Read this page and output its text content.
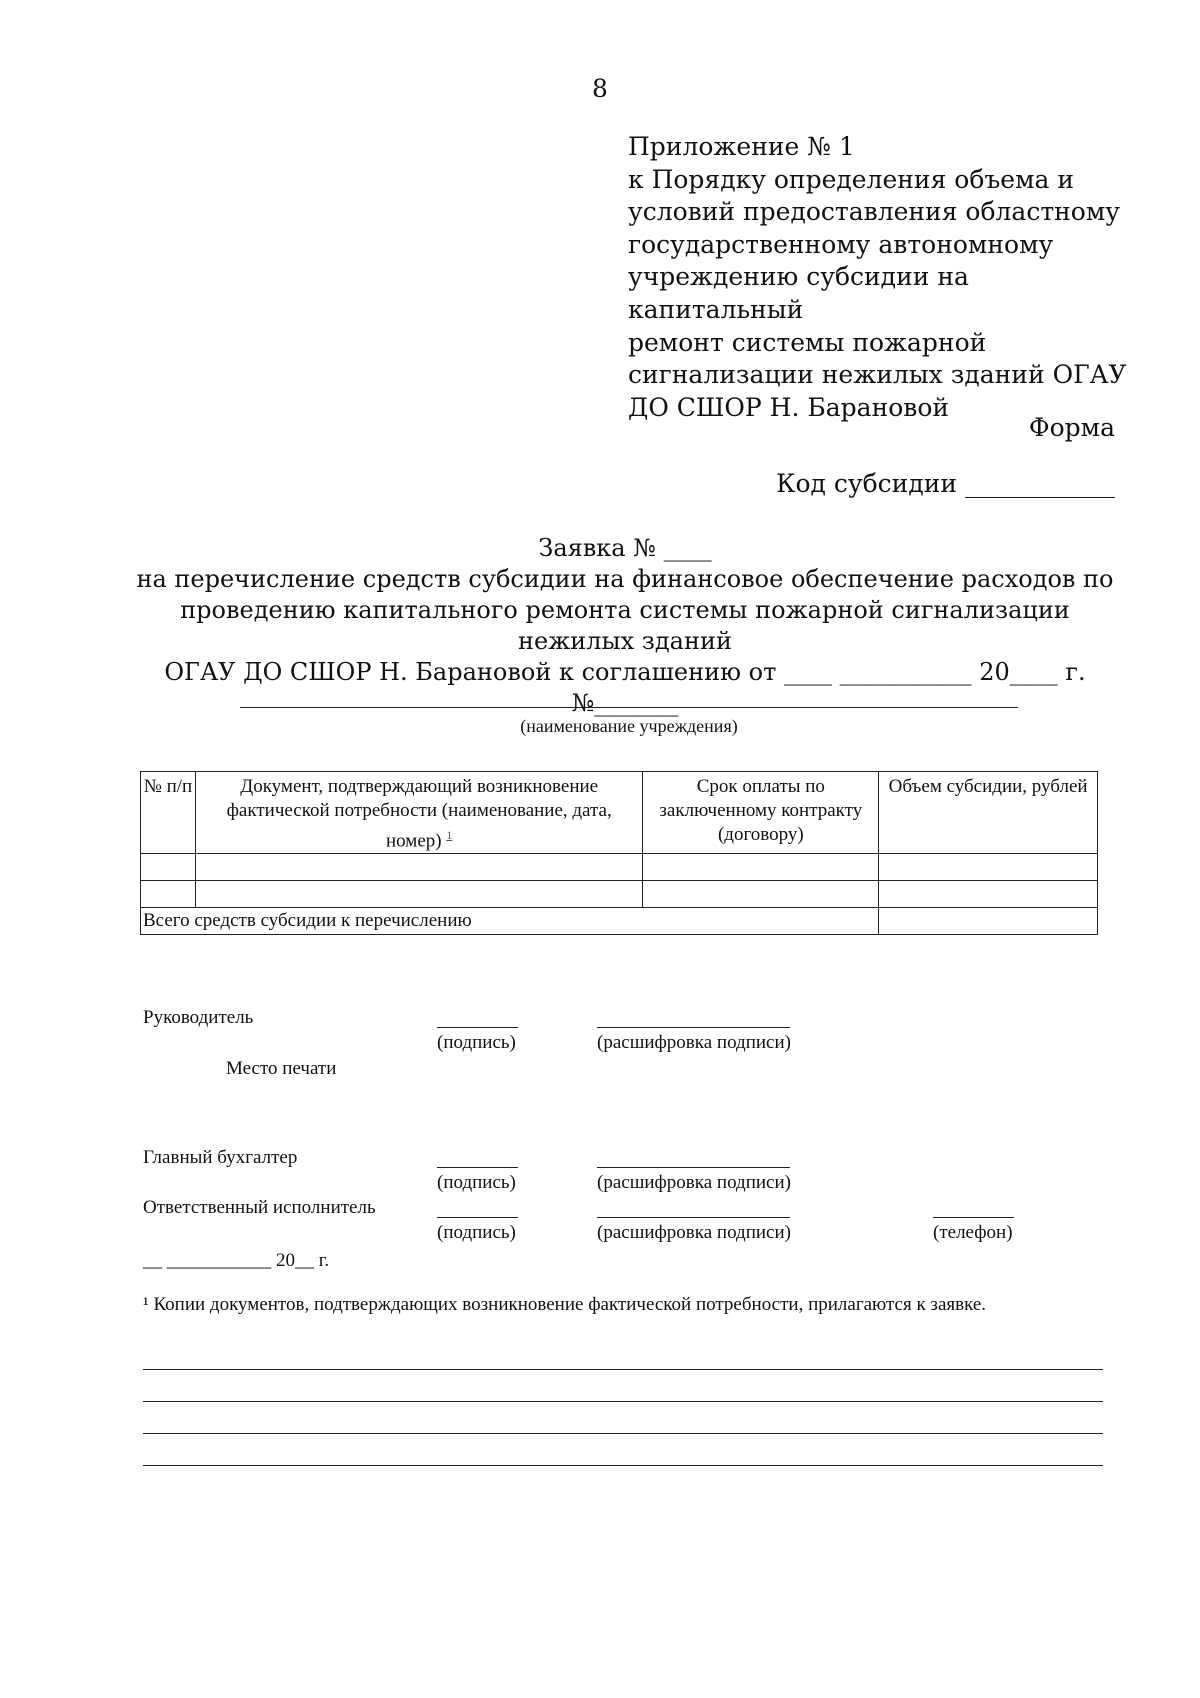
8
Приложение № 1
к Порядку определения объема и
условий предоставления областному
государственному автономному
учреждению субсидии на капитальный
ремонт системы пожарной
сигнализации нежилых зданий ОГАУ
ДО СШОР Н. Барановой
Форма
Код субсидии ____________
Заявка № ____
на перечисление средств субсидии на финансовое обеспечение расходов по
проведению капитального ремонта системы пожарной сигнализации нежилых зданий
ОГАУ ДО СШОР Н. Барановой к соглашению от ____ ___________ 20____ г.
№_______
(наименование учреждения)
№ п/п	Документ, подтверждающий возникновение фактической потребности (наименование, дата, номер) $^1$	Срок оплаты по заключенному контракту (договору)	Объем субсидии, рублей

Всего средств субсидии к перечислению			
Руководитель
(подпись)	(расшифровка подписи)
Место печати
Главный бухгалтер
(подпись)	(расшифровка подписи)
Ответственный исполнитель
(подпись)	(расшифровка подписи)	(телефон)
__ ___________ 20__ г.
¹ Копии документов, подтверждающих возникновение фактической потребности, прилагаются к заявке.
